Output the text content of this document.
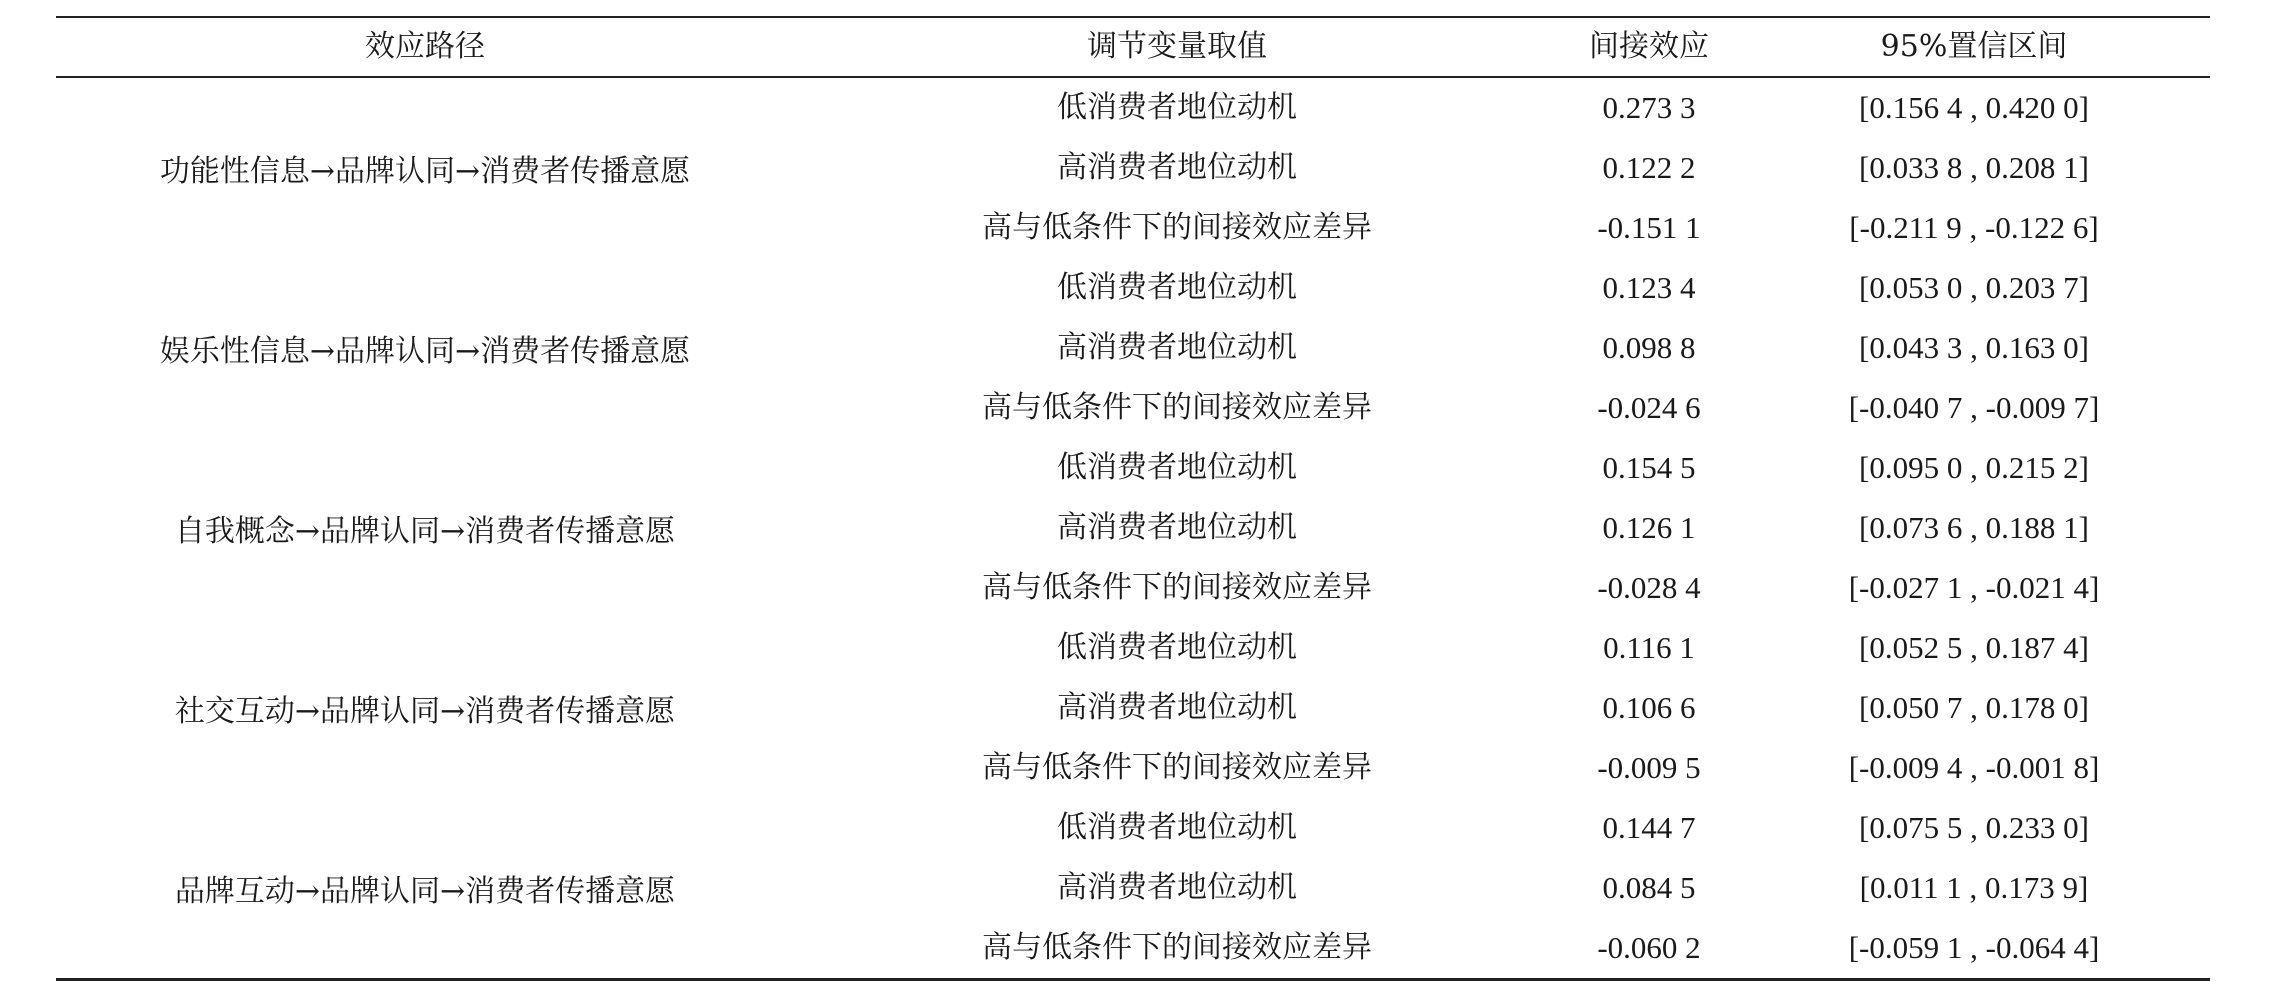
效应路径	调节变量取值	间接效应	95%置信区间
功能性信息→品牌认同→消费者传播意愿
低消费者地位动机	0.273 3	[0.156 4 , 0.420 0]
高消费者地位动机	0.122 2	[0.033 8 , 0.208 1]
高与低条件下的间接效应差异	-0.151 1	[-0.211 9 , -0.122 6]
娱乐性信息→品牌认同→消费者传播意愿
低消费者地位动机	0.123 4	[0.053 0 , 0.203 7]
高消费者地位动机	0.098 8	[0.043 3 , 0.163 0]
高与低条件下的间接效应差异	-0.024 6	[-0.040 7 , -0.009 7]
自我概念→品牌认同→消费者传播意愿
低消费者地位动机	0.154 5	[0.095 0 , 0.215 2]
高消费者地位动机	0.126 1	[0.073 6 , 0.188 1]
高与低条件下的间接效应差异	-0.028 4	[-0.027 1 , -0.021 4]
社交互动→品牌认同→消费者传播意愿
低消费者地位动机	0.116 1	[0.052 5 , 0.187 4]
高消费者地位动机	0.106 6	[0.050 7 , 0.178 0]
高与低条件下的间接效应差异	-0.009 5	[-0.009 4 , -0.001 8]
品牌互动→品牌认同→消费者传播意愿
低消费者地位动机	0.144 7	[0.075 5 , 0.233 0]
高消费者地位动机	0.084 5	[0.011 1 , 0.173 9]
高与低条件下的间接效应差异	-0.060 2	[-0.059 1 , -0.064 4]
